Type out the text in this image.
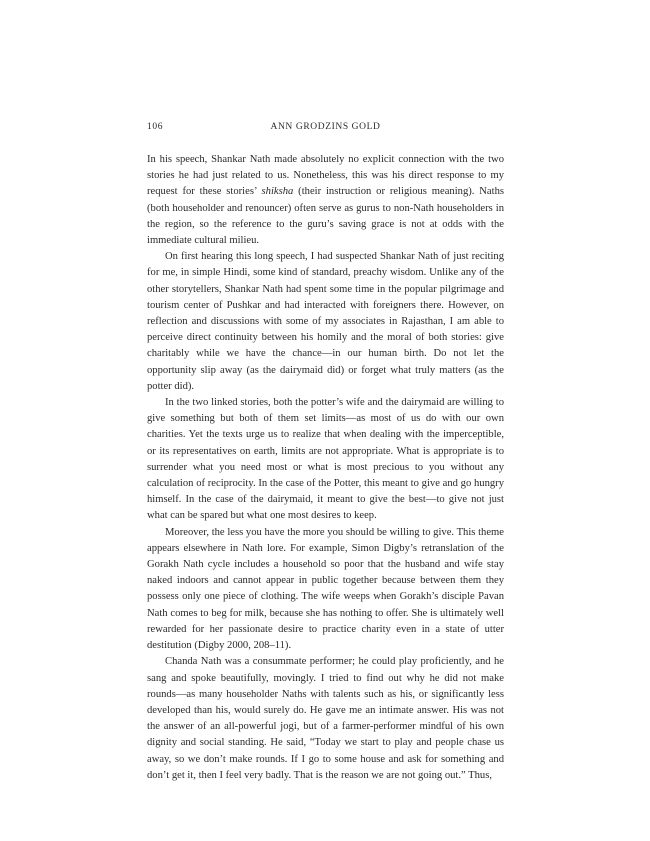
106	ANN GRODZINS GOLD

In his speech, Shankar Nath made absolutely no explicit connection with the two stories he had just related to us. Nonetheless, this was his direct response to my request for these stories’ shiksha (their instruction or religious meaning). Naths (both householder and renouncer) often serve as gurus to non-Nath householders in the region, so the reference to the guru’s saving grace is not at odds with the immediate cultural milieu.

On first hearing this long speech, I had suspected Shankar Nath of just reciting for me, in simple Hindi, some kind of standard, preachy wisdom. Unlike any of the other storytellers, Shankar Nath had spent some time in the popular pilgrimage and tourism center of Pushkar and had interacted with foreigners there. However, on reflection and discussions with some of my associates in Rajasthan, I am able to perceive direct continuity between his homily and the moral of both stories: give charitably while we have the chance—in our human birth. Do not let the opportunity slip away (as the dairymaid did) or forget what truly matters (as the potter did).

In the two linked stories, both the potter’s wife and the dairymaid are willing to give something but both of them set limits—as most of us do with our own charities. Yet the texts urge us to realize that when dealing with the imperceptible, or its representatives on earth, limits are not appropriate. What is appropriate is to surrender what you need most or what is most precious to you without any calculation of reciprocity. In the case of the Potter, this meant to give and go hungry himself. In the case of the dairymaid, it meant to give the best—to give not just what can be spared but what one most desires to keep.

Moreover, the less you have the more you should be willing to give. This theme appears elsewhere in Nath lore. For example, Simon Digby’s retranslation of the Gorakh Nath cycle includes a household so poor that the husband and wife stay naked indoors and cannot appear in public together because between them they possess only one piece of clothing. The wife weeps when Gorakh’s disciple Pavan Nath comes to beg for milk, because she has nothing to offer. She is ultimately well rewarded for her passionate desire to practice charity even in a state of utter destitution (Digby 2000, 208–11).

Chanda Nath was a consummate performer; he could play proficiently, and he sang and spoke beautifully, movingly. I tried to find out why he did not make rounds—as many householder Naths with talents such as his, or significantly less developed than his, would surely do. He gave me an intimate answer. His was not the answer of an all-powerful jogi, but of a farmer-performer mindful of his own dignity and social standing. He said, “Today we start to play and people chase us away, so we don’t make rounds. If I go to some house and ask for something and don’t get it, then I feel very badly. That is the reason we are not going out.” Thus,
